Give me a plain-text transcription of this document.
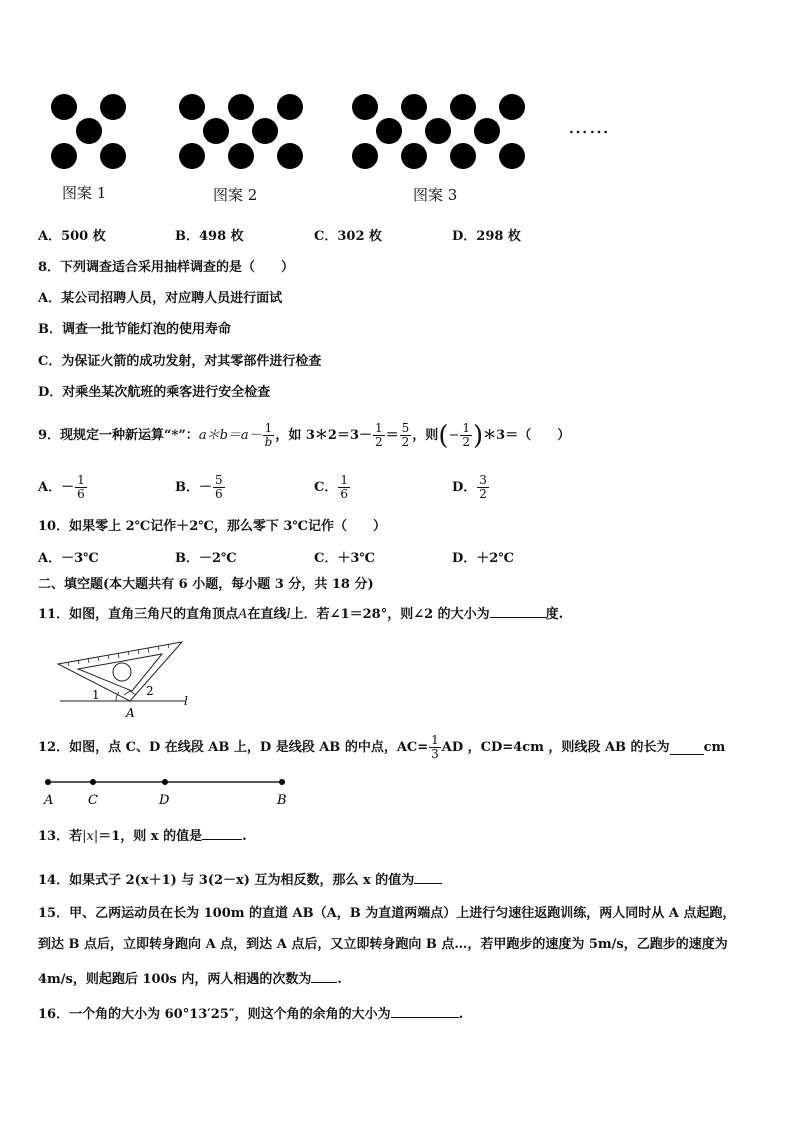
……
图案 1	图案 2	图案 3
A．500 枚	B．498 枚	C．302 枚	D．298 枚
8．下列调查适合采用抽样调查的是（　　）
A．某公司招聘人员，对应聘人员进行面试
B．调查一批节能灯泡的使用寿命
C．为保证火箭的成功发射，对其零部件进行检查
D．对乘坐某次航班的乘客进行安全检查
9．现规定一种新运算“*”： a＊b＝a－ $\frac{1}{b}$ ，如 3＊2＝3－ $\frac{1}{2} = \frac{5}{2}$ ，则 ( − $\frac{1}{2}$ ) ＊3＝（　　）
A．－ $\frac{1}{6}$	B．－ $\frac{5}{6}$	C． $\frac{1}{6}$	D． $\frac{3}{2}$
10．如果零上 2℃记作＋2℃，那么零下 3℃记作（　　）
A．－3℃	B．－2℃	C．＋3℃	D．＋2℃
二、填空题(本大题共有 6 小题，每小题 3 分，共 18 分)
11．如图，直角三角尺的直角顶点A在直线l上．若∠1＝28°，则∠2 的大小为	度.
1	2
A
l
12．如图，点 C、D 在线段 AB 上，D 是线段 AB 的中点，$AC= \frac{1}{3}$ AD ，CD=4cm ，则线段 AB 的长为	cm
A	C	D	B
13．若|x|＝1，则 x 的值是	.
14．如果式子 2(x＋1) 与 3(2－x) 互为相反数，那么 x 的值为
15．甲、乙两运动员在长为 100m 的直道 AB（A，B 为直道两端点）上进行匀速往返跑训练，两人同时从 A 点起跑，
到达 B 点后，立即转身跑向 A 点，到达 A 点后，又立即转身跑向 B 点…，若甲跑步的速度为 5m/s，乙跑步的速度为
4m/s，则起跑后 100s 内，两人相遇的次数为 .
16．一个角的大小为 60°13′25″，则这个角的余角的大小为	.
